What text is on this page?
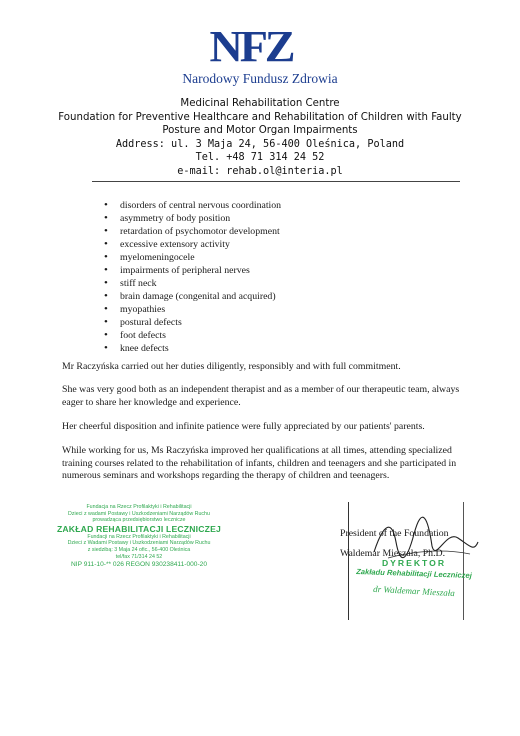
NFZ
Narodowy Fundusz Zdrowia
Medicinal Rehabilitation Centre
Foundation for Preventive Healthcare and Rehabilitation of Children with Faulty
Posture and Motor Organ Impairments
Address: ul. 3 Maja 24, 56-400 Oleśnica, Poland
Tel. +48 71 314 24 52
e-mail: rehab.ol@interia.pl
• disorders of central nervous coordination
• asymmetry of body position
• retardation of psychomotor development
• excessive extensory activity
• myelomeningocele
• impairments of peripheral nerves
• stiff neck
• brain damage (congenital and acquired)
• myopathies
• postural defects
• foot defects
• knee defects

Mr Raczyńska carried out her duties diligently, responsibly and with full commitment.

She was very good both as an independent therapist and as a member of our therapeutic team, always eager to share her knowledge and experience.

Her cheerful disposition and infinite patience were fully appreciated by our patients' parents.

While working for us, Ms Raczyńska improved her qualifications at all times, attending specialized training courses related to the rehabilitation of infants, children and teenagers and she participated in numerous seminars and workshops regarding the therapy of children and teenagers.

Fundacja na Rzecz Profilaktyki i Rehabilitacji
Dzieci z wadami Postawy i Uszkodzeniami Narządów Ruchu
prowadząca przedsiębiorstwo lecznicze
ZAKŁAD REHABILITACJI LECZNICZEJ
Fundacji na Rzecz Profilaktyki i Rehabilitacji
Dzieci z Wadami Postawy i Uszkodzeniami Narządów Ruchu
z siedzibą: 3 Maja 24 ofic., 56-400 Oleśnica
tel/fax 71/314 24 52
NIP 911-10-** 026 REGON 930238411-000-20
President of the Foundation
Waldemar Mieszała, Ph.D.
DYREKTOR
Zakładu Rehabilitacji Leczniczej
dr Waldemar Mieszała
